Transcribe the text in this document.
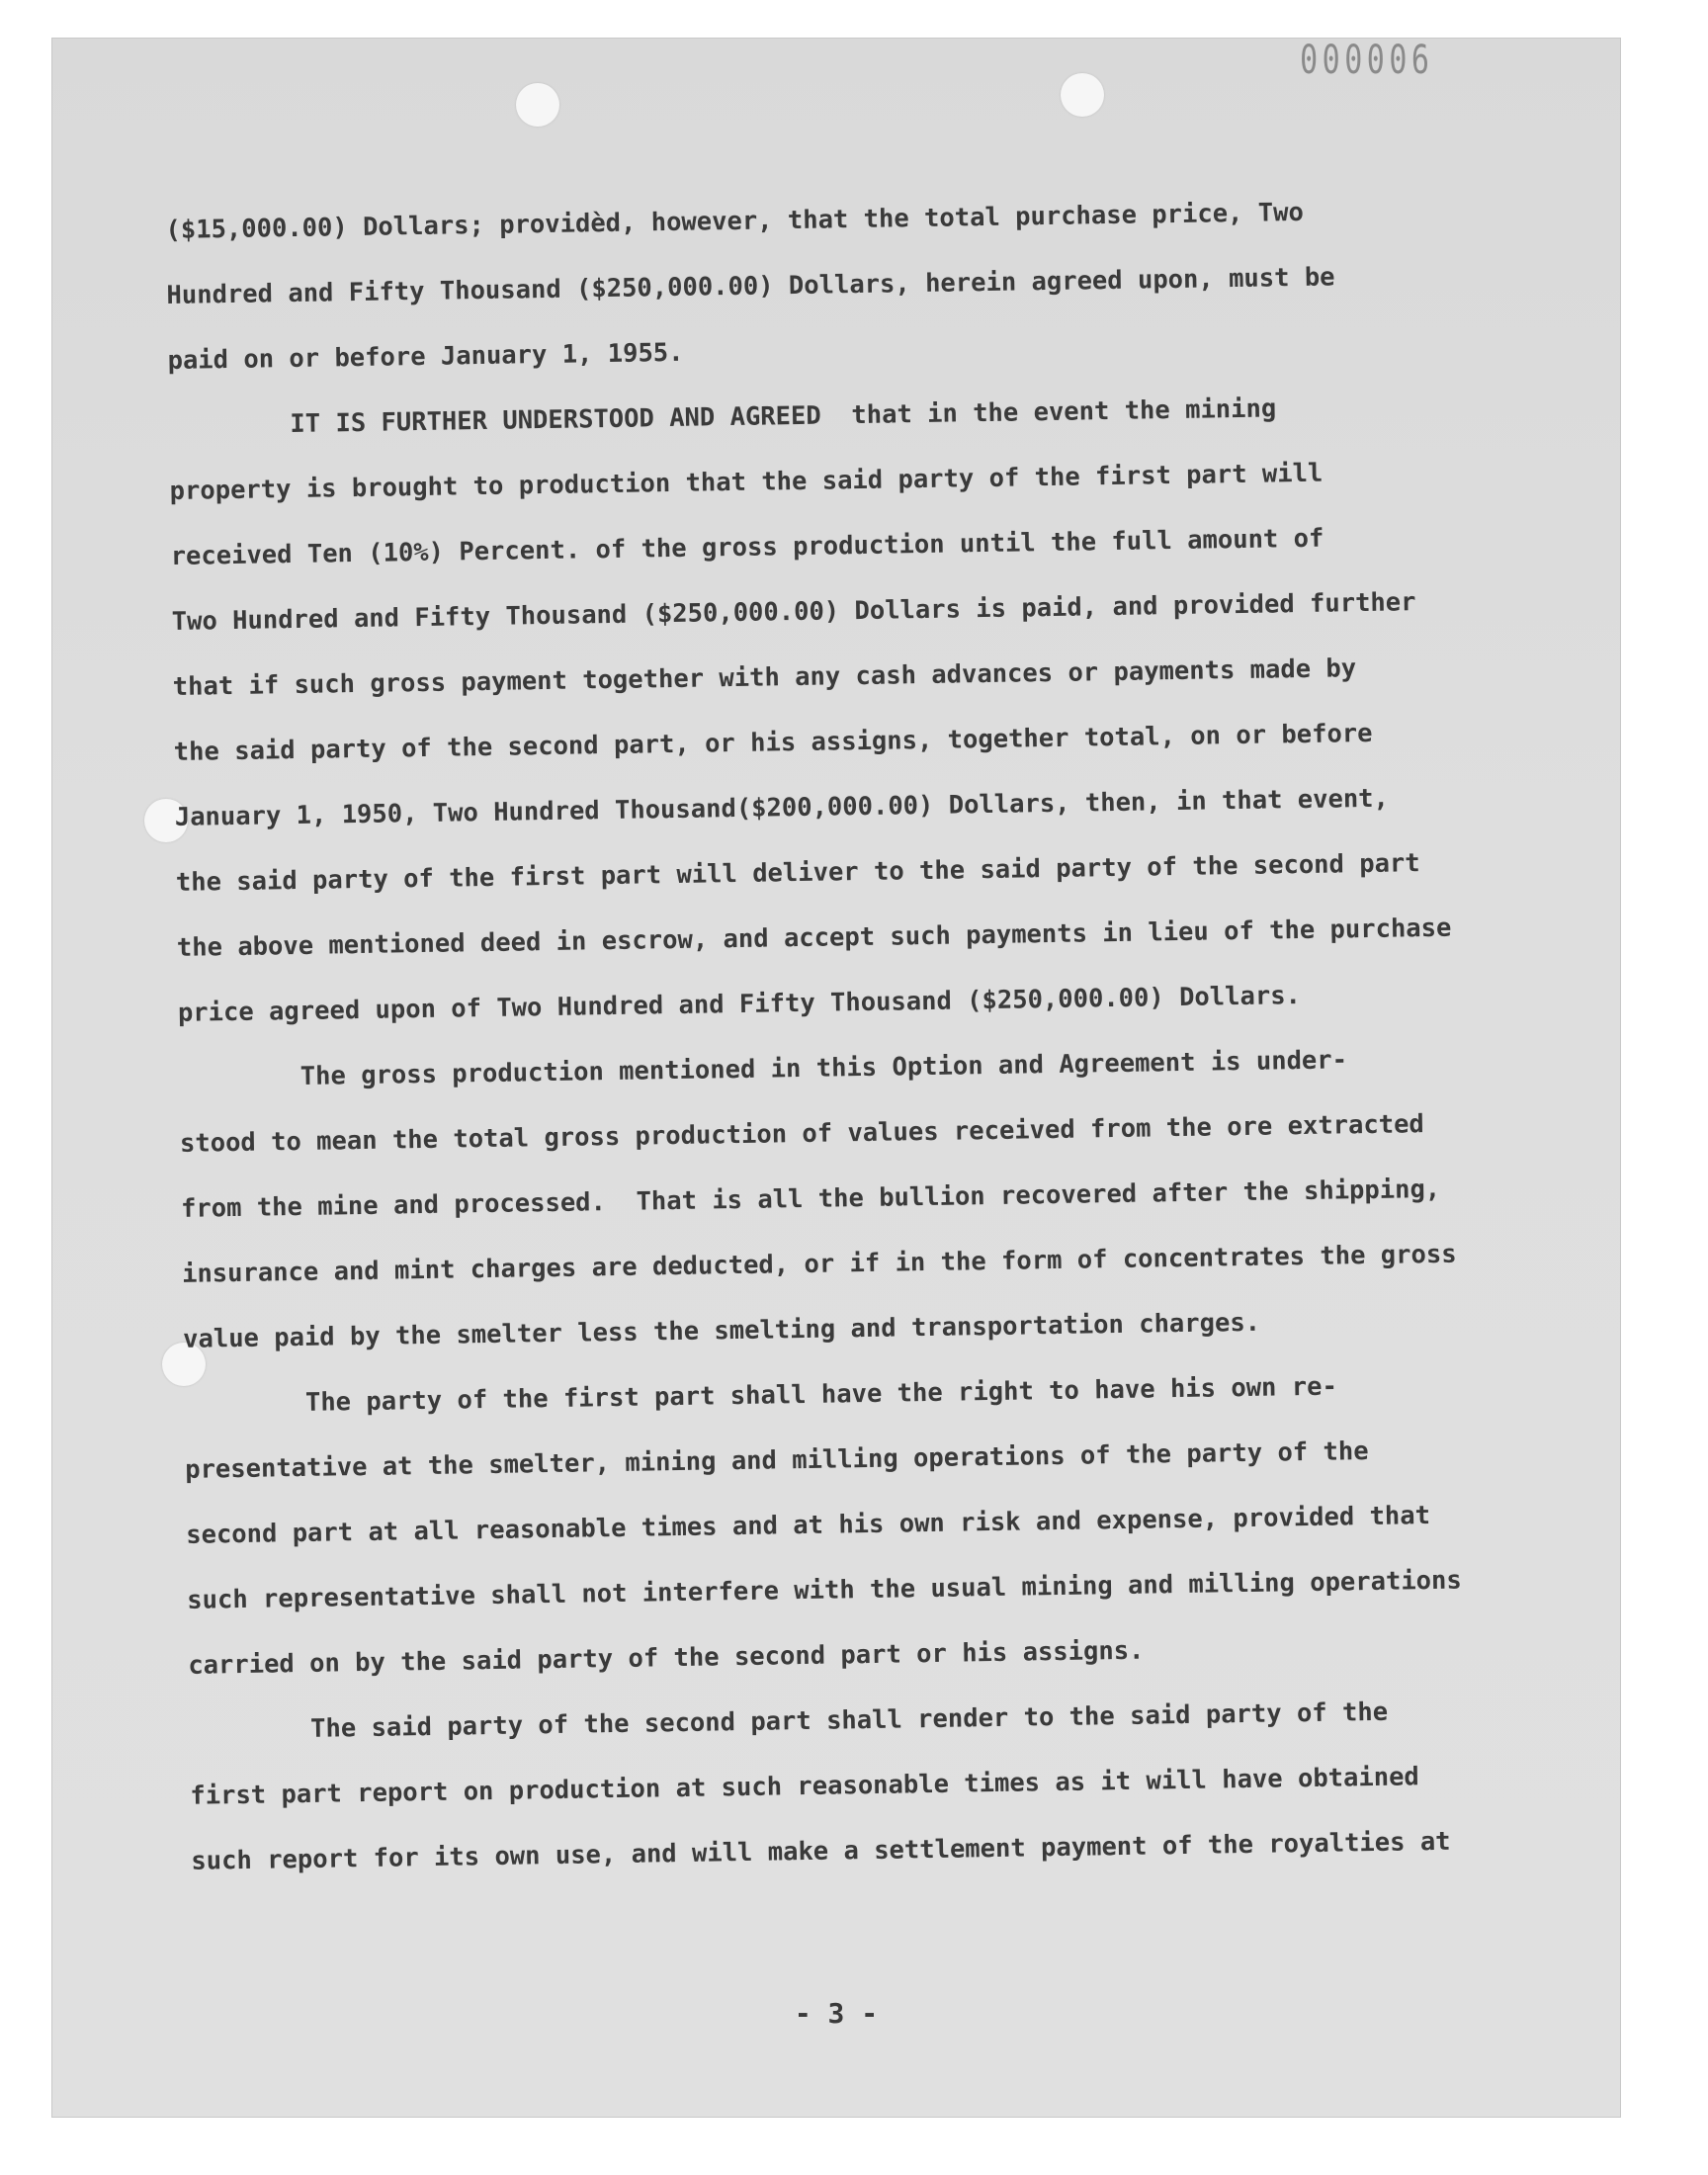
000006
($15,000.00) Dollars; providèd, however, that the total purchase price, Two
Hundred and Fifty Thousand ($250,000.00) Dollars, herein agreed upon, must be
paid on or before January 1, 1955.
IT IS FURTHER UNDERSTOOD AND AGREED  that in the event the mining
property is brought to production that the said party of the first part will
received Ten (10%) Percent. of the gross production until the full amount of
Two Hundred and Fifty Thousand ($250,000.00) Dollars is paid, and provided further
that if such gross payment together with any cash advances or payments made by
the said party of the second part, or his assigns, together total, on or before
January 1, 1950, Two Hundred Thousand($200,000.00) Dollars, then, in that event,
the said party of the first part will deliver to the said party of the second part
the above mentioned deed in escrow, and accept such payments in lieu of the purchase
price agreed upon of Two Hundred and Fifty Thousand ($250,000.00) Dollars.
The gross production mentioned in this Option and Agreement is under-
stood to mean the total gross production of values received from the ore extracted
from the mine and processed.  That is all the bullion recovered after the shipping,
insurance and mint charges are deducted, or if in the form of concentrates the gross
value paid by the smelter less the smelting and transportation charges.
The party of the first part shall have the right to have his own re-
presentative at the smelter, mining and milling operations of the party of the
second part at all reasonable times and at his own risk and expense, provided that
such representative shall not interfere with the usual mining and milling operations
carried on by the said party of the second part or his assigns.
The said party of the second part shall render to the said party of the
first part report on production at such reasonable times as it will have obtained
such report for its own use, and will make a settlement payment of the royalties at
- 3 -
